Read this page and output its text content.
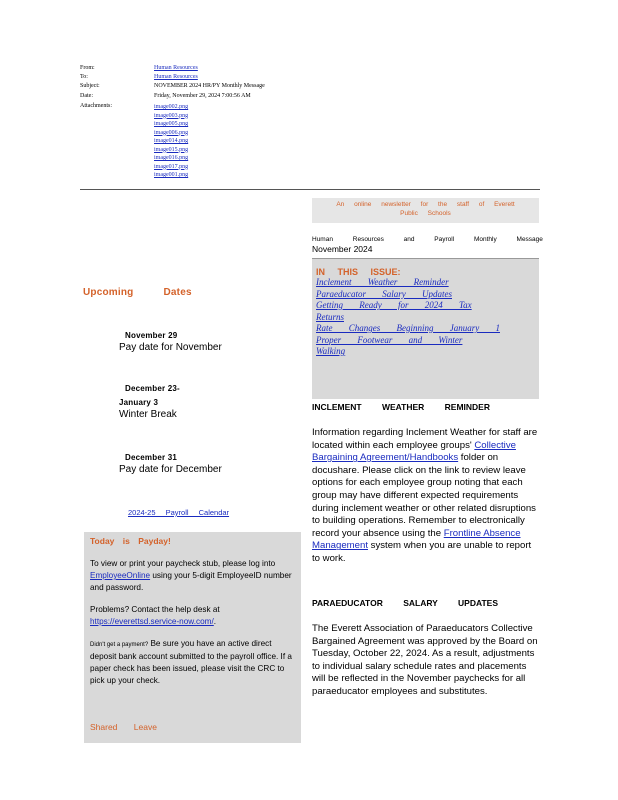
From:	Human Resources
To:	Human Resources
Subject:	NOVEMBER 2024 HR/PY Monthly Message
Date:	Friday, November 29, 2024 7:00:56 AM
Attachments:	image002.png
image003.png
image005.png
image006.png
image014.png
image015.png
image016.png
image017.png
image001.png
Upcoming	Dates
November 29
Pay date for November
December 23-
January 3
Winter Break
December 31
Pay date for December
2024-25 Payroll Calendar
Today is Payday!
To view or print your paycheck stub, please log into EmployeeOnline using your 5-digit EmployeeID number and password.
Problems? Contact the help desk at https://everettsd.service-now.com/.
Didn't get a payment? Be sure you have an active direct deposit bank account submitted to the payroll office. If a paper check has been issued, please visit the CRC to pick up your check.
Shared Leave
An online newsletter for the staff of Everett
Public Schools
Human Resources and Payroll Monthly Message
November 2024
IN THIS ISSUE:
Inclement Weather Reminder
Paraeducator Salary Updates
Getting Ready for 2024 Tax
Returns
Rate Changes Beginning January 1
Proper Footwear and Winter
Walking
INCLEMENT WEATHER REMINDER
Information regarding Inclement Weather for staff are located within each employee groups' Collective Bargaining Agreement/Handbooks folder on docushare. Please click on the link to review leave options for each employee group noting that each group may have different expected requirements during inclement weather or other related disruptions to building operations. Remember to electronically record your absence using the Frontline Absence Management system when you are unable to report to work.
PARAEDUCATOR SALARY UPDATES
The Everett Association of Paraeducators Collective Bargained Agreement was approved by the Board on Tuesday, October 22, 2024. As a result, adjustments to individual salary schedule rates and placements will be reflected in the November paychecks for all paraeducator employees and substitutes.
